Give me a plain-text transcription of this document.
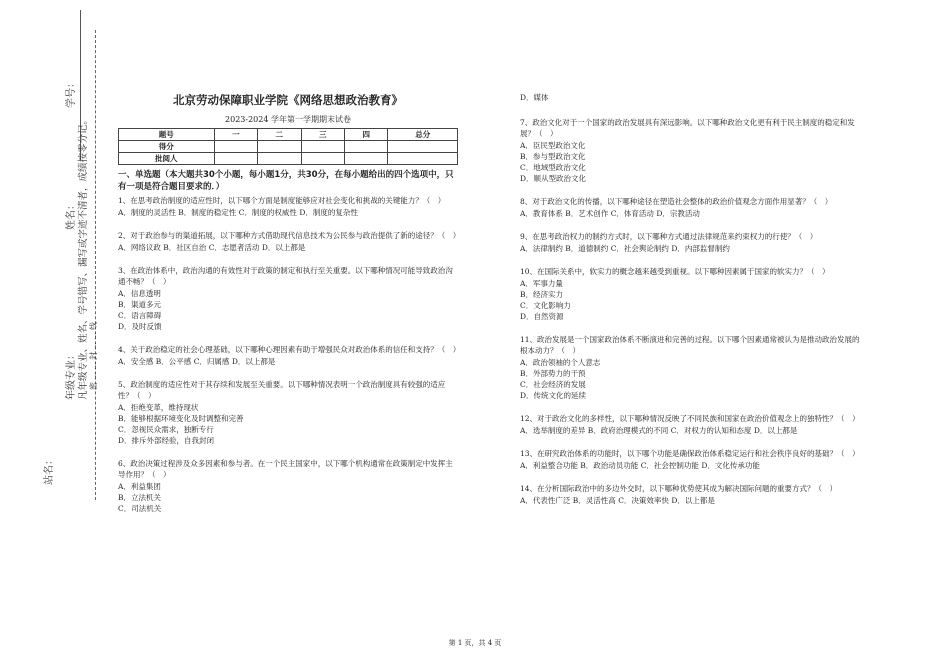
学号：
姓名：
年级专业： 凡年级专业、姓名、学号错写、漏写或字迹不清者，成绩按零分记。 密……封……线
站名：
北京劳动保障职业学院《网络思想政治教育》
2023-2024 学年第一学期期末试卷
题号	一	二	三	四	总分
得分					
批阅人					
一、单选题（本大题共30个小题，每小题1分，共30分，在每小题给出的四个选项中，只有一项是符合题目要求的．）
1、在思考政治制度的适应性时，以下哪个方面是制度能够应对社会变化和挑战的关键能力？（　）
A．制度的灵活性 B．制度的稳定性 C．制度的权威性 D．制度的复杂性
2、对于政治参与的渠道拓展，以下哪种方式借助现代信息技术为公民参与政治提供了新的途径？（　）
A．网络议政 B．社区自治 C．志愿者活动 D．以上都是
3、在政治体系中，政治沟通的有效性对于政策的制定和执行至关重要。以下哪种情况可能导致政治沟通不畅？（　）
A．信息透明
B．渠道多元
C．语言障碍
D．及时反馈
4、关于政治稳定的社会心理基础，以下哪种心理因素有助于增强民众对政治体系的信任和支持？（　）
A．安全感 B．公平感 C．归属感 D．以上都是
5、政治制度的适应性对于其存续和发展至关重要。以下哪种情况表明一个政治制度具有较强的适应性？（　）
A．拒绝变革，维持现状
B．能够根据环境变化及时调整和完善
C．忽视民众需求，独断专行
D．排斥外部经验，自我封闭
6、政治决策过程涉及众多因素和参与者。在一个民主国家中，以下哪个机构通常在政策制定中发挥主导作用？（　）
A．利益集团
B．立法机关
C．司法机关
D．媒体
7、政治文化对于一个国家的政治发展具有深远影响。以下哪种政治文化更有利于民主制度的稳定和发展？（　）
A．臣民型政治文化
B．参与型政治文化
C．地域型政治文化
D．顺从型政治文化
8、对于政治文化的传播，以下哪种途径在塑造社会整体的政治价值观念方面作用显著？（　）
A．教育体系 B．艺术创作 C．体育活动 D．宗教活动
9、在思考政治权力的制约方式时，以下哪种方式通过法律规范来约束权力的行使？（　）
A．法律制约 B．道德制约 C．社会舆论制约 D．内部监督制约
10、在国际关系中，软实力的概念越来越受到重视。以下哪种因素属于国家的软实力？（　）
A．军事力量
B．经济实力
C．文化影响力
D．自然资源
11、政治发展是一个国家政治体系不断演进和完善的过程。以下哪个因素通常被认为是推动政治发展的根本动力？（　）
A．政治领袖的个人意志
B．外部势力的干预
C．社会经济的发展
D．传统文化的延续
12、对于政治文化的多样性，以下哪种情况反映了不同民族和国家在政治价值观念上的独特性？（　）
A．选举制度的差异 B．政府治理模式的不同 C．对权力的认知和态度 D．以上都是
13、在研究政治体系的功能时，以下哪个功能是确保政治体系稳定运行和社会秩序良好的基础？（　）
A．利益整合功能 B．政治动员功能 C．社会控制功能 D．文化传承功能
14、在分析国际政治中的多边外交时，以下哪种优势使其成为解决国际问题的重要方式？（　）
A．代表性广泛 B．灵活性高 C．决策效率快 D．以上都是
第 1 页，共 4 页
